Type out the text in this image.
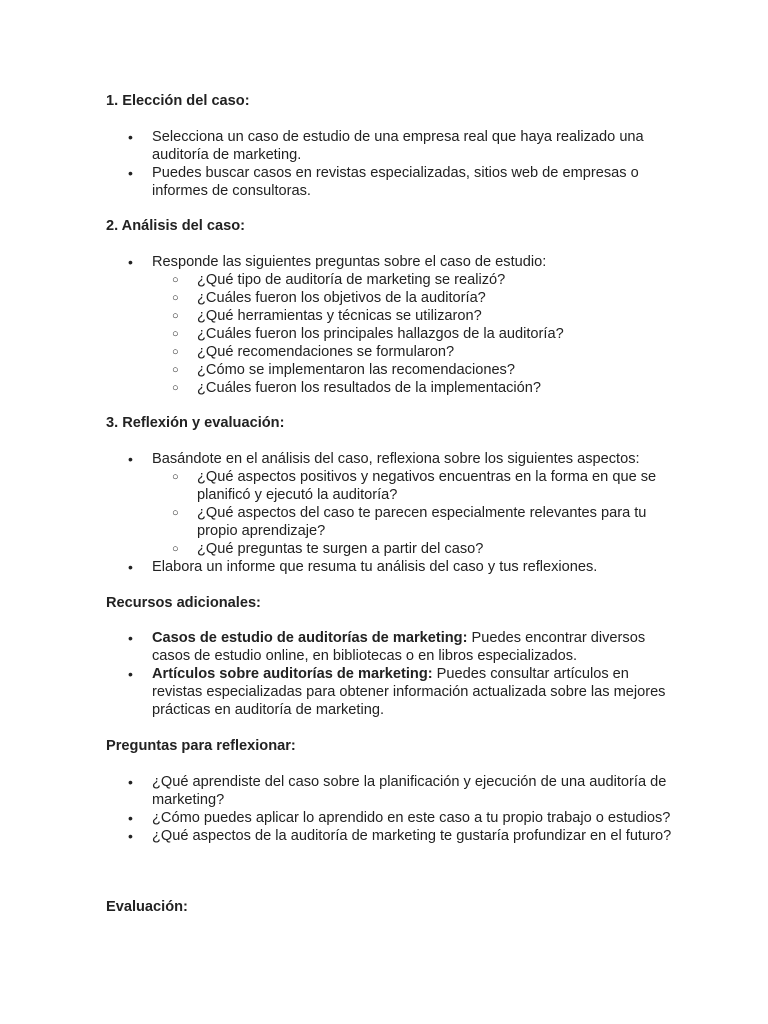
1. Elección del caso:
• Selecciona un caso de estudio de una empresa real que haya realizado una auditoría de marketing.
• Puedes buscar casos en revistas especializadas, sitios web de empresas o informes de consultoras.
2. Análisis del caso:
• Responde las siguientes preguntas sobre el caso de estudio:
○ ¿Qué tipo de auditoría de marketing se realizó?
○ ¿Cuáles fueron los objetivos de la auditoría?
○ ¿Qué herramientas y técnicas se utilizaron?
○ ¿Cuáles fueron los principales hallazgos de la auditoría?
○ ¿Qué recomendaciones se formularon?
○ ¿Cómo se implementaron las recomendaciones?
○ ¿Cuáles fueron los resultados de la implementación?
3. Reflexión y evaluación:
• Basándote en el análisis del caso, reflexiona sobre los siguientes aspectos:
○ ¿Qué aspectos positivos y negativos encuentras en la forma en que se planificó y ejecutó la auditoría?
○ ¿Qué aspectos del caso te parecen especialmente relevantes para tu propio aprendizaje?
○ ¿Qué preguntas te surgen a partir del caso?
• Elabora un informe que resuma tu análisis del caso y tus reflexiones.
Recursos adicionales:
• Casos de estudio de auditorías de marketing: Puedes encontrar diversos casos de estudio online, en bibliotecas o en libros especializados.
• Artículos sobre auditorías de marketing: Puedes consultar artículos en revistas especializadas para obtener información actualizada sobre las mejores prácticas en auditoría de marketing.
Preguntas para reflexionar:
• ¿Qué aprendiste del caso sobre la planificación y ejecución de una auditoría de marketing?
• ¿Cómo puedes aplicar lo aprendido en este caso a tu propio trabajo o estudios?
• ¿Qué aspectos de la auditoría de marketing te gustaría profundizar en el futuro?
Evaluación:
